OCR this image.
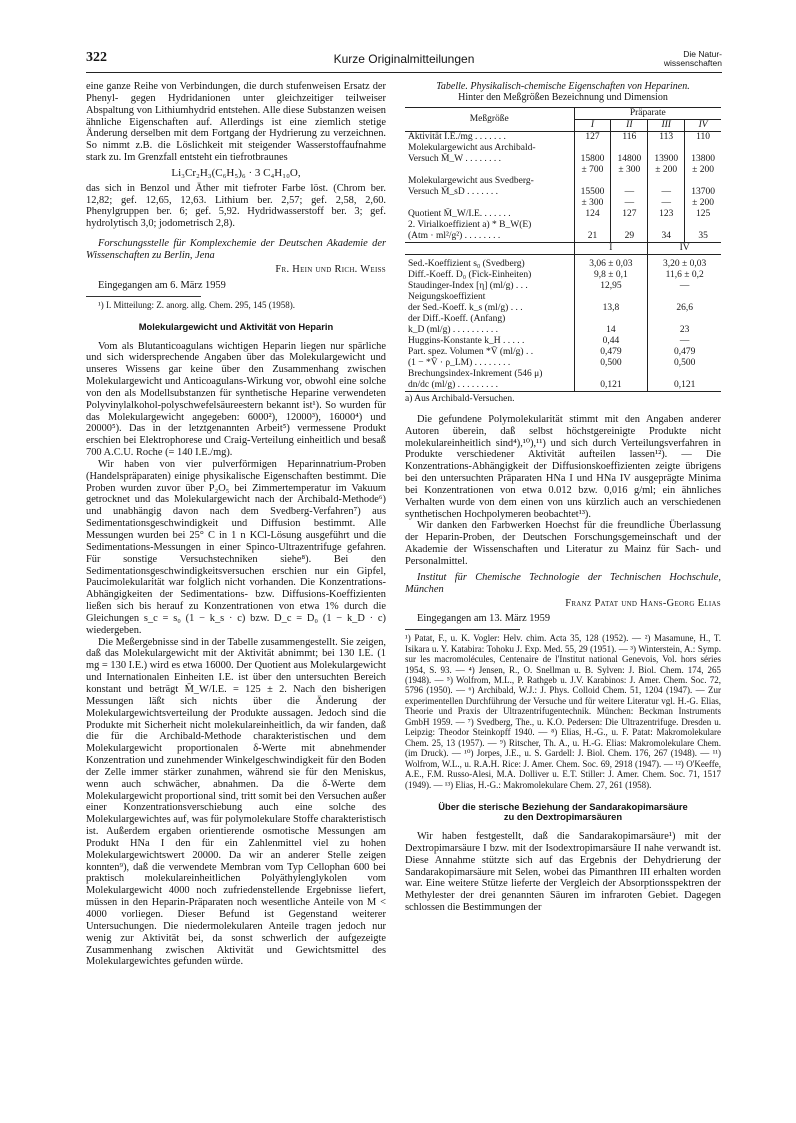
322	Kurze Originalmitteilungen	Die Natur-
wissenschaften

eine ganze Reihe von Verbindungen, die durch stufenweisen Ersatz der Phenyl- gegen Hydridanionen unter gleichzeitiger teilweiser Abspaltung von Lithiumhydrid entstehen. Alle diese Substanzen weisen ähnliche Eigenschaften auf. Allerdings ist eine ziemlich stetige Änderung derselben mit dem Fortgang der Hydrierung zu verzeichnen. So nimmt z.B. die Löslichkeit mit steigender Wasserstoffaufnahme stark zu. Im Grenzfall entsteht ein tiefrotbraunes

Li₃Cr₂H₃(C₆H₅)₆ · 3 C₄H₁₀O,

das sich in Benzol und Äther mit tiefroter Farbe löst. (Chrom ber. 12,82; gef. 12,65, 12,63. Lithium ber. 2,57; gef. 2,58, 2,60. Phenylgruppen ber. 6; gef. 5,92. Hydridwasserstoff ber. 3; gef. hydrolytisch 3,0; jodometrisch 2,8).

Forschungsstelle für Komplexchemie der Deutschen Akademie der Wissenschaften zu Berlin, Jena

Fr. Hein und Rich. Weiss
Eingegangen am 6. März 1959

¹) I. Mitteilung: Z. anorg. allg. Chem. 295, 145 (1958).

Molekulargewicht und Aktivität von Heparin

Vom als Blutanticoagulans wichtigen Heparin liegen nur spärliche und sich widersprechende Angaben über das Molekulargewicht und unseres Wissens gar keine über den Zusammenhang zwischen Molekulargewicht und Anticoagulans-Wirkung vor, obwohl eine solche von den als Modellsubstanzen für synthetische Heparine verwendeten Polyvinylalkohol-polyschwefelsäureestern bekannt ist¹). So wurden für das Molekulargewicht angegeben: 6000²), 12000³), 16000⁴) und 20000⁵). Das in der letztgenannten Arbeit⁵) vermessene Produkt erschien bei Elektrophorese und Craig-Verteilung einheitlich und besaß 700 A.C.U. Roche (= 140 I.E./mg).

Wir haben von vier pulverförmigen Heparinnatrium-Proben (Handelspräparaten) einige physikalische Eigenschaften bestimmt. Die Proben wurden zuvor über P₂O₅ bei Zimmertemperatur im Vakuum getrocknet und das Molekulargewicht nach der Archibald-Methode⁶) und unabhängig davon nach dem Svedberg-Verfahren⁷) aus Sedimentationsgeschwindigkeit und Diffusion bestimmt. Alle Messungen wurden bei 25° C in 1 n KCl-Lösung ausgeführt und die Sedimentations-Messungen in einer Spinco-Ultrazentrifuge gefahren. Für sonstige Versuchstechniken siehe⁸). Bei den Sedimentationsgeschwindigkeitsversuchen erschien nur ein Gipfel, Paucimolekularität war folglich nicht vorhanden. Die Konzentrations-Abhängigkeiten der Sedimentations- bzw. Diffusions-Koeffizienten ließen sich bis herauf zu Konzentrationen von etwa 1% durch die Gleichungen s_c = s₀ (1 − k_s · c) bzw. D_c = D₀ (1 − k_D · c) wiedergeben.

Die Meßergebnisse sind in der Tabelle zusammengestellt. Sie zeigen, daß das Molekulargewicht mit der Aktivität abnimmt; bei 130 I.E. (1 mg = 130 I.E.) wird es etwa 16000. Der Quotient aus Molekulargewicht und Internationalen Einheiten I.E. ist über den untersuchten Bereich konstant und beträgt M̄_W/I.E. = 125 ± 2. Nach den bisherigen Messungen läßt sich nichts über die Änderung der Molekulargewichtsverteilung der Produkte aussagen. Jedoch sind die Produkte mit Sicherheit nicht molekulareinheitlich, da wir fanden, daß die für die Archibald-Methode charakteristischen und dem Molekulargewicht proportionalen δ-Werte mit abnehmender Konzentration und zunehmender Winkelgeschwindigkeit für den Boden der Zelle immer stärker zunahmen, während sie für den Meniskus, wenn auch schwächer, abnahmen. Da die δ-Werte dem Molekulargewicht proportional sind, tritt somit bei den Versuchen außer einer Konzentrationsverschiebung auch eine solche des Molekulargewichtes auf, was für polymolekulare Stoffe charakteristisch ist. Außerdem ergaben orientierende osmotische Messungen am Produkt HNa I den für ein Zahlenmittel viel zu hohen Molekulargewichtswert 20000. Da wir an anderer Stelle zeigen konnten⁹), daß die verwendete Membran vom Typ Cellophan 600 bei praktisch molekulareinheitlichen Polyäthylenglykolen vom Molekulargewicht 4000 noch zufriedenstellende Ergebnisse liefert, müssen in den Heparin-Präparaten noch wesentliche Anteile von M < 4000 vorliegen. Dieser Befund ist Gegenstand weiterer Untersuchungen. Die niedermolekularen Anteile tragen jedoch nur wenig zur Aktivität bei, da sonst schwerlich der aufgezeigte Zusammenhang zwischen Aktivität und Gewichtsmittel des Molekulargewichtes gefunden würde.

Tabelle. Physikalisch-chemische Eigenschaften von Heparinen.
Hinter den Meßgrößen Bezeichnung und Dimension
Meßgröße	Präparate			
	I	II	III	IV
Aktivität I.E./mg . . . . . . .	127	116	113	110
Molekulargewicht aus Archibald-				
Versuch M̄_W . . . . . . . .	15800	14800	13900	13800
	± 700	± 300	± 200	± 200
Molekulargewicht aus Svedberg-				
Versuch M̄_sD . . . . . . .	15500	—	—	13700
	± 300	—	—	± 200
Quotient M̄_W/I.E. . . . . . .	124	127	123	125
2. Virialkoeffizient a) * B_W(E)				
(Atm · ml²/g²) . . . . . . . .	21	29	34	35
	I		IV	

Sed.-Koeffizient s₀ (Svedberg)	3,06 ± 0,03		3,20 ± 0,03	
Diff.-Koeff. D₀ (Fick-Einheiten)	9,8 ± 0,1		11,6 ± 0,2	
Staudinger-Index [η] (ml/g) . . .	12,95		—	
Neigungskoeffizient				
der Sed.-Koeff. k_s (ml/g) . . .	13,8		26,6	
der Diff.-Koeff. (Anfang)				
k_D (ml/g) . . . . . . . . . .	14		23	
Huggins-Konstante k_H . . . . .	0,44		—	
Part. spez. Volumen *V̄ (ml/g) . .	0,479		0,479	
(1 − *V̄ · ρ_LM) . . . . . . . .	0,500		0,500	
Brechungsindex-Inkrement (546 μ)				
dn/dc (ml/g) . . . . . . . . .	0,121		0,121	
a) Aus Archibald-Versuchen.

Die gefundene Polymolekularität stimmt mit den Angaben anderer Autoren überein, daß selbst höchstgereinigte Produkte nicht molekulareinheitlich sind⁴),¹⁰),¹¹) und sich durch Verteilungsverfahren in Produkte verschiedener Aktivität aufteilen lassen¹²). — Die Konzentrations-Abhängigkeit der Diffusionskoeffizienten zeigte übrigens bei den untersuchten Präparaten HNa I und HNa IV ausgeprägte Minima bei Konzentrationen von etwa 0.012 bzw. 0,016 g/ml; ein ähnliches Verhalten wurde von dem einen von uns kürzlich auch an verschiedenen synthetischen Hochpolymeren beobachtet¹³).

Wir danken den Farbwerken Hoechst für die freundliche Überlassung der Heparin-Proben, der Deutschen Forschungsgemeinschaft und der Akademie der Wissenschaften und Literatur zu Mainz für Sach- und Personalmittel.

Institut für Chemische Technologie der Technischen Hochschule, München

Franz Patat und Hans-Georg Elias
Eingegangen am 13. März 1959

¹) Patat, F., u. K. Vogler: Helv. chim. Acta 35, 128 (1952). — ²) Masamune, H., T. Isikara u. Y. Katabira: Tohoku J. Exp. Med. 55, 29 (1951). — ³) Winterstein, A.: Symp. sur les macromolécules, Centenaire de l'Institut national Genevois, Vol. hors séries 1954, S. 93. — ⁴) Jensen, R., O. Snellman u. B. Sylven: J. Biol. Chem. 174, 265 (1948). — ⁵) Wolfrom, M.L., P. Rathgeb u. J.V. Karabinos: J. Amer. Chem. Soc. 72, 5796 (1950). — ⁶) Archibald, W.J.: J. Phys. Colloid Chem. 51, 1204 (1947). — Zur experimentellen Durchführung der Versuche und für weitere Literatur vgl. H.-G. Elias, Theorie und Praxis der Ultrazentrifugentechnik. München: Beckman Instruments GmbH 1959. — ⁷) Svedberg, The., u. K.O. Pedersen: Die Ultrazentrifuge. Dresden u. Leipzig: Theodor Steinkopff 1940. — ⁸) Elias, H.-G., u. F. Patat: Makromolekulare Chem. 25, 13 (1957). — ⁹) Ritscher, Th. A., u. H.-G. Elias: Makromolekulare Chem. (im Druck). — ¹⁰) Jorpes, J.E., u. S. Gardell: J. Biol. Chem. 176, 267 (1948). — ¹¹) Wolfrom, W.L., u. R.A.H. Rice: J. Amer. Chem. Soc. 69, 2918 (1947). — ¹²) O'Keeffe, A.E., F.M. Russo-Alesi, M.A. Dolliver u. E.T. Stiller: J. Amer. Chem. Soc. 71, 1517 (1949). — ¹³) Elias, H.-G.: Makromolekulare Chem. 27, 261 (1958).

Über die sterische Beziehung der Sandarakopimarsäure
zu den Dextropimarsäuren

Wir haben festgestellt, daß die Sandarakopimarsäure¹) mit der Dextropimarsäure I bzw. mit der Isodextropimarsäure II nahe verwandt ist. Diese Annahme stützte sich auf das Ergebnis der Dehydrierung der Sandarakopimarsäure mit Selen, wobei das Pimanthren III erhalten worden war. Eine weitere Stütze lieferte der Vergleich der Absorptionsspektren der Methylester der drei genannten Säuren im infraroten Gebiet. Dagegen schlossen die Bestimmungen der
